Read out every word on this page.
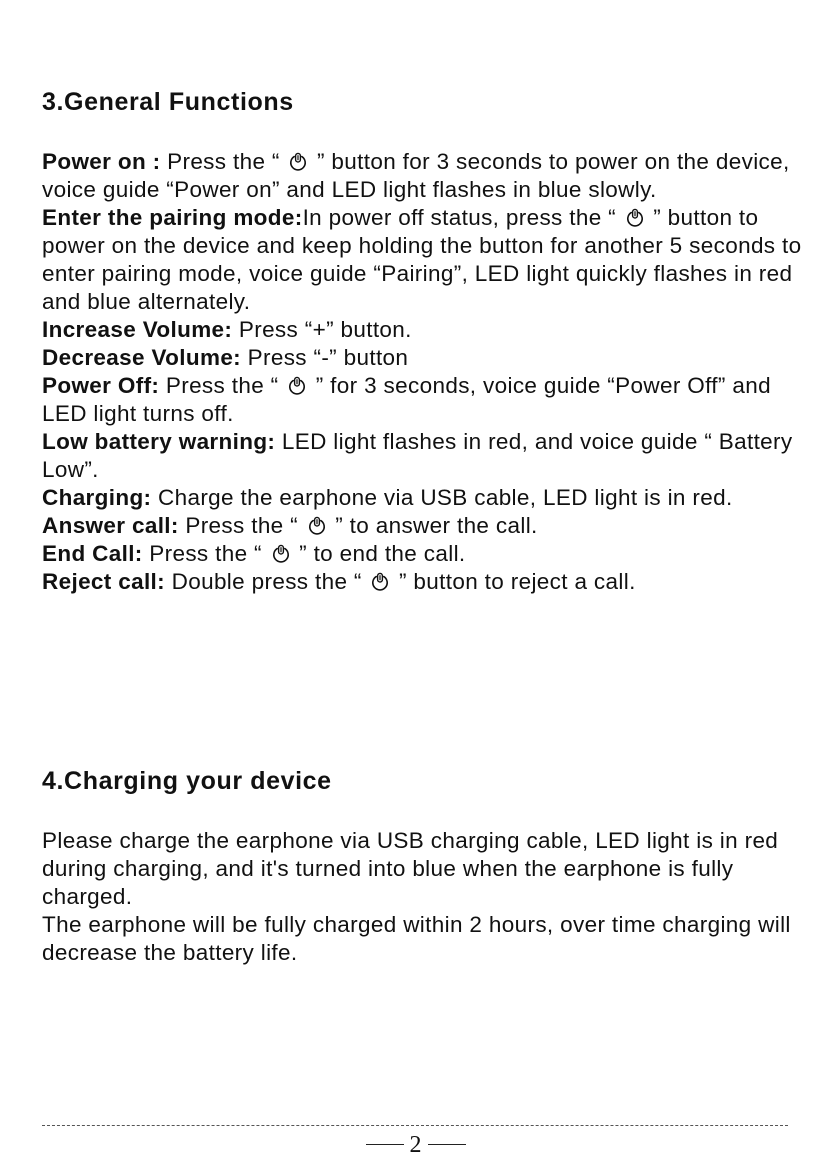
3.General Functions

Power on : Press the “ ” button for 3 seconds to power on the device, voice guide “Power on” and LED light flashes in blue slowly.

Enter the pairing mode:In power off status, press the “ ” button to power on the device and keep holding the button for another 5 seconds to enter pairing mode, voice guide “Pairing”, LED light quickly flashes in red and blue alternately.

Increase Volume: Press “+” button.

Decrease Volume: Press “-” button

Power Off: Press the “ ” for 3 seconds, voice guide “Power Off” and LED light turns off.

Low battery warning: LED light flashes in red, and voice guide “ Battery Low”.

Charging: Charge the earphone via USB cable, LED light is in red.

Answer call: Press the “ ” to answer the call.

End Call: Press the “ ” to end the call.

Reject call: Double press the “ ” button to reject a call.

4.Charging your device

Please charge the earphone via USB charging cable, LED light is in red during charging, and it's turned into blue when the earphone is fully charged.

The earphone will be fully charged within 2 hours, over time charging will decrease the battery life.

2
